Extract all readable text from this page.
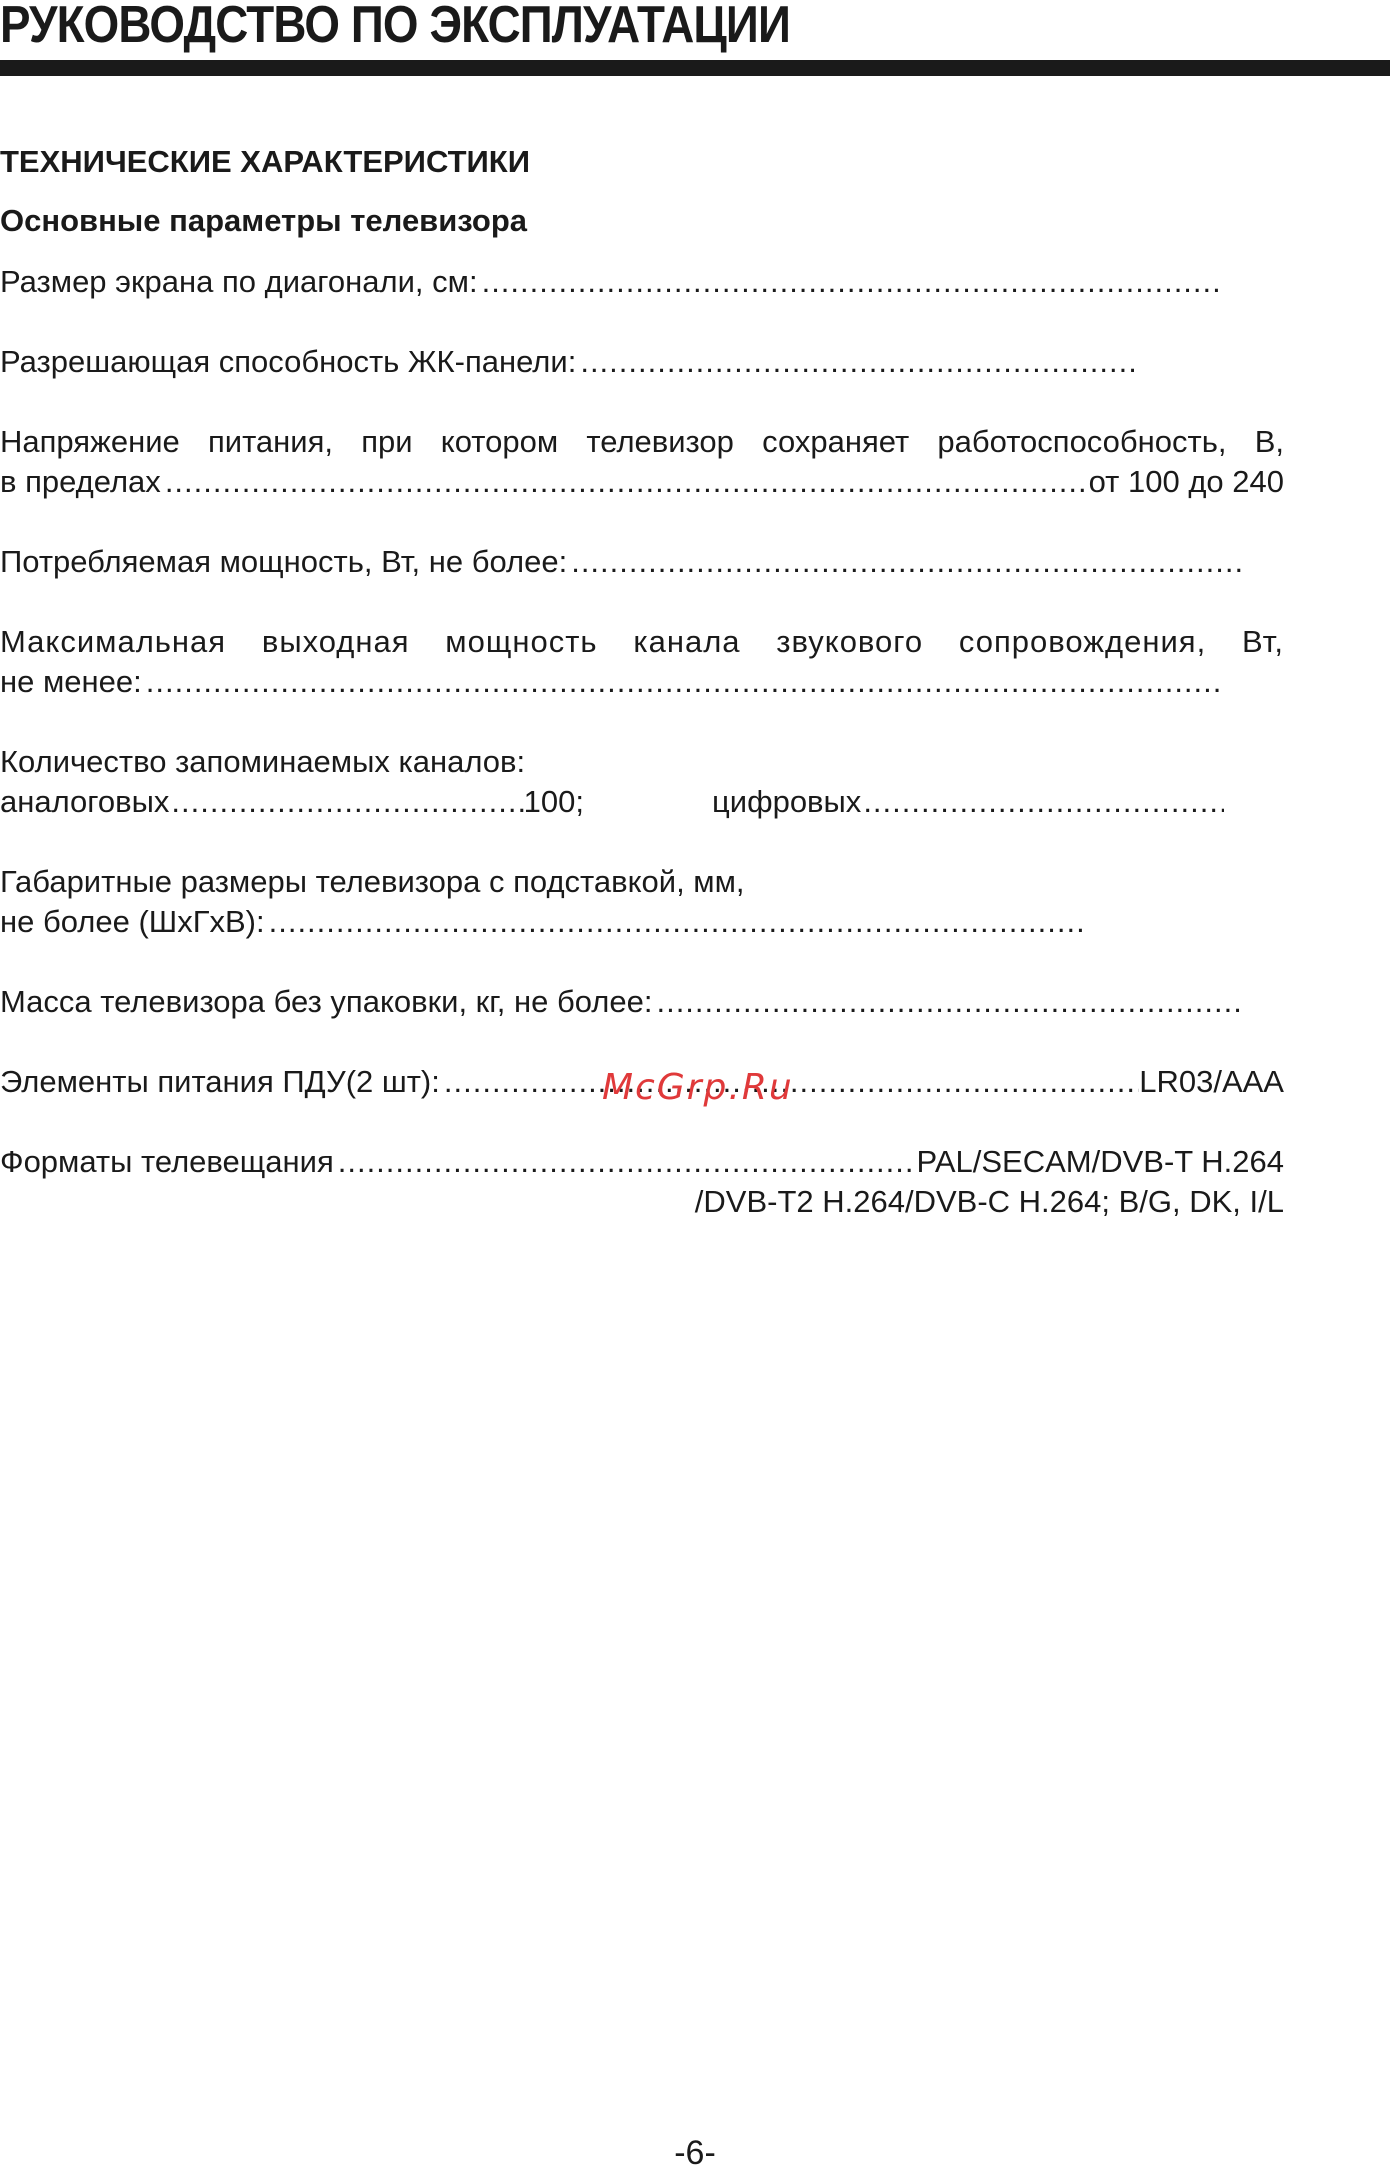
РУКОВОДСТВО ПО ЭКСПЛУАТАЦИИ
ТЕХНИЧЕСКИЕ ХАРАКТЕРИСТИКИ
Основные параметры телевизора
Размер экрана по диагонали, см:
.....
Разрешающая способность ЖК-панели:
.....
Напряжение питания, при котором телевизор сохраняет работоспособность, В,
в пределах .....	от 100 до 240
Потребляемая мощность, Вт, не более:
.....
Максимальная выходная мощность канала звукового сопровождения, Вт,
не менее:
.....
Количество запоминаемых каналов:
аналоговых .....	100;	цифровых
.....
Габаритные размеры телевизора с подставкой, мм,
не более (ШхГхВ):
.....
Масса телевизора без упаковки, кг, не более:
.....
Элементы питания ПДУ(2 шт): .....	LR03/AAA
Форматы телевещания .....	PAL/SECAM/DVB-T H.264
/DVB-T2 H.264/DVB-C H.264; B/G, DK, I/L
McGrp.Ru
-6-
